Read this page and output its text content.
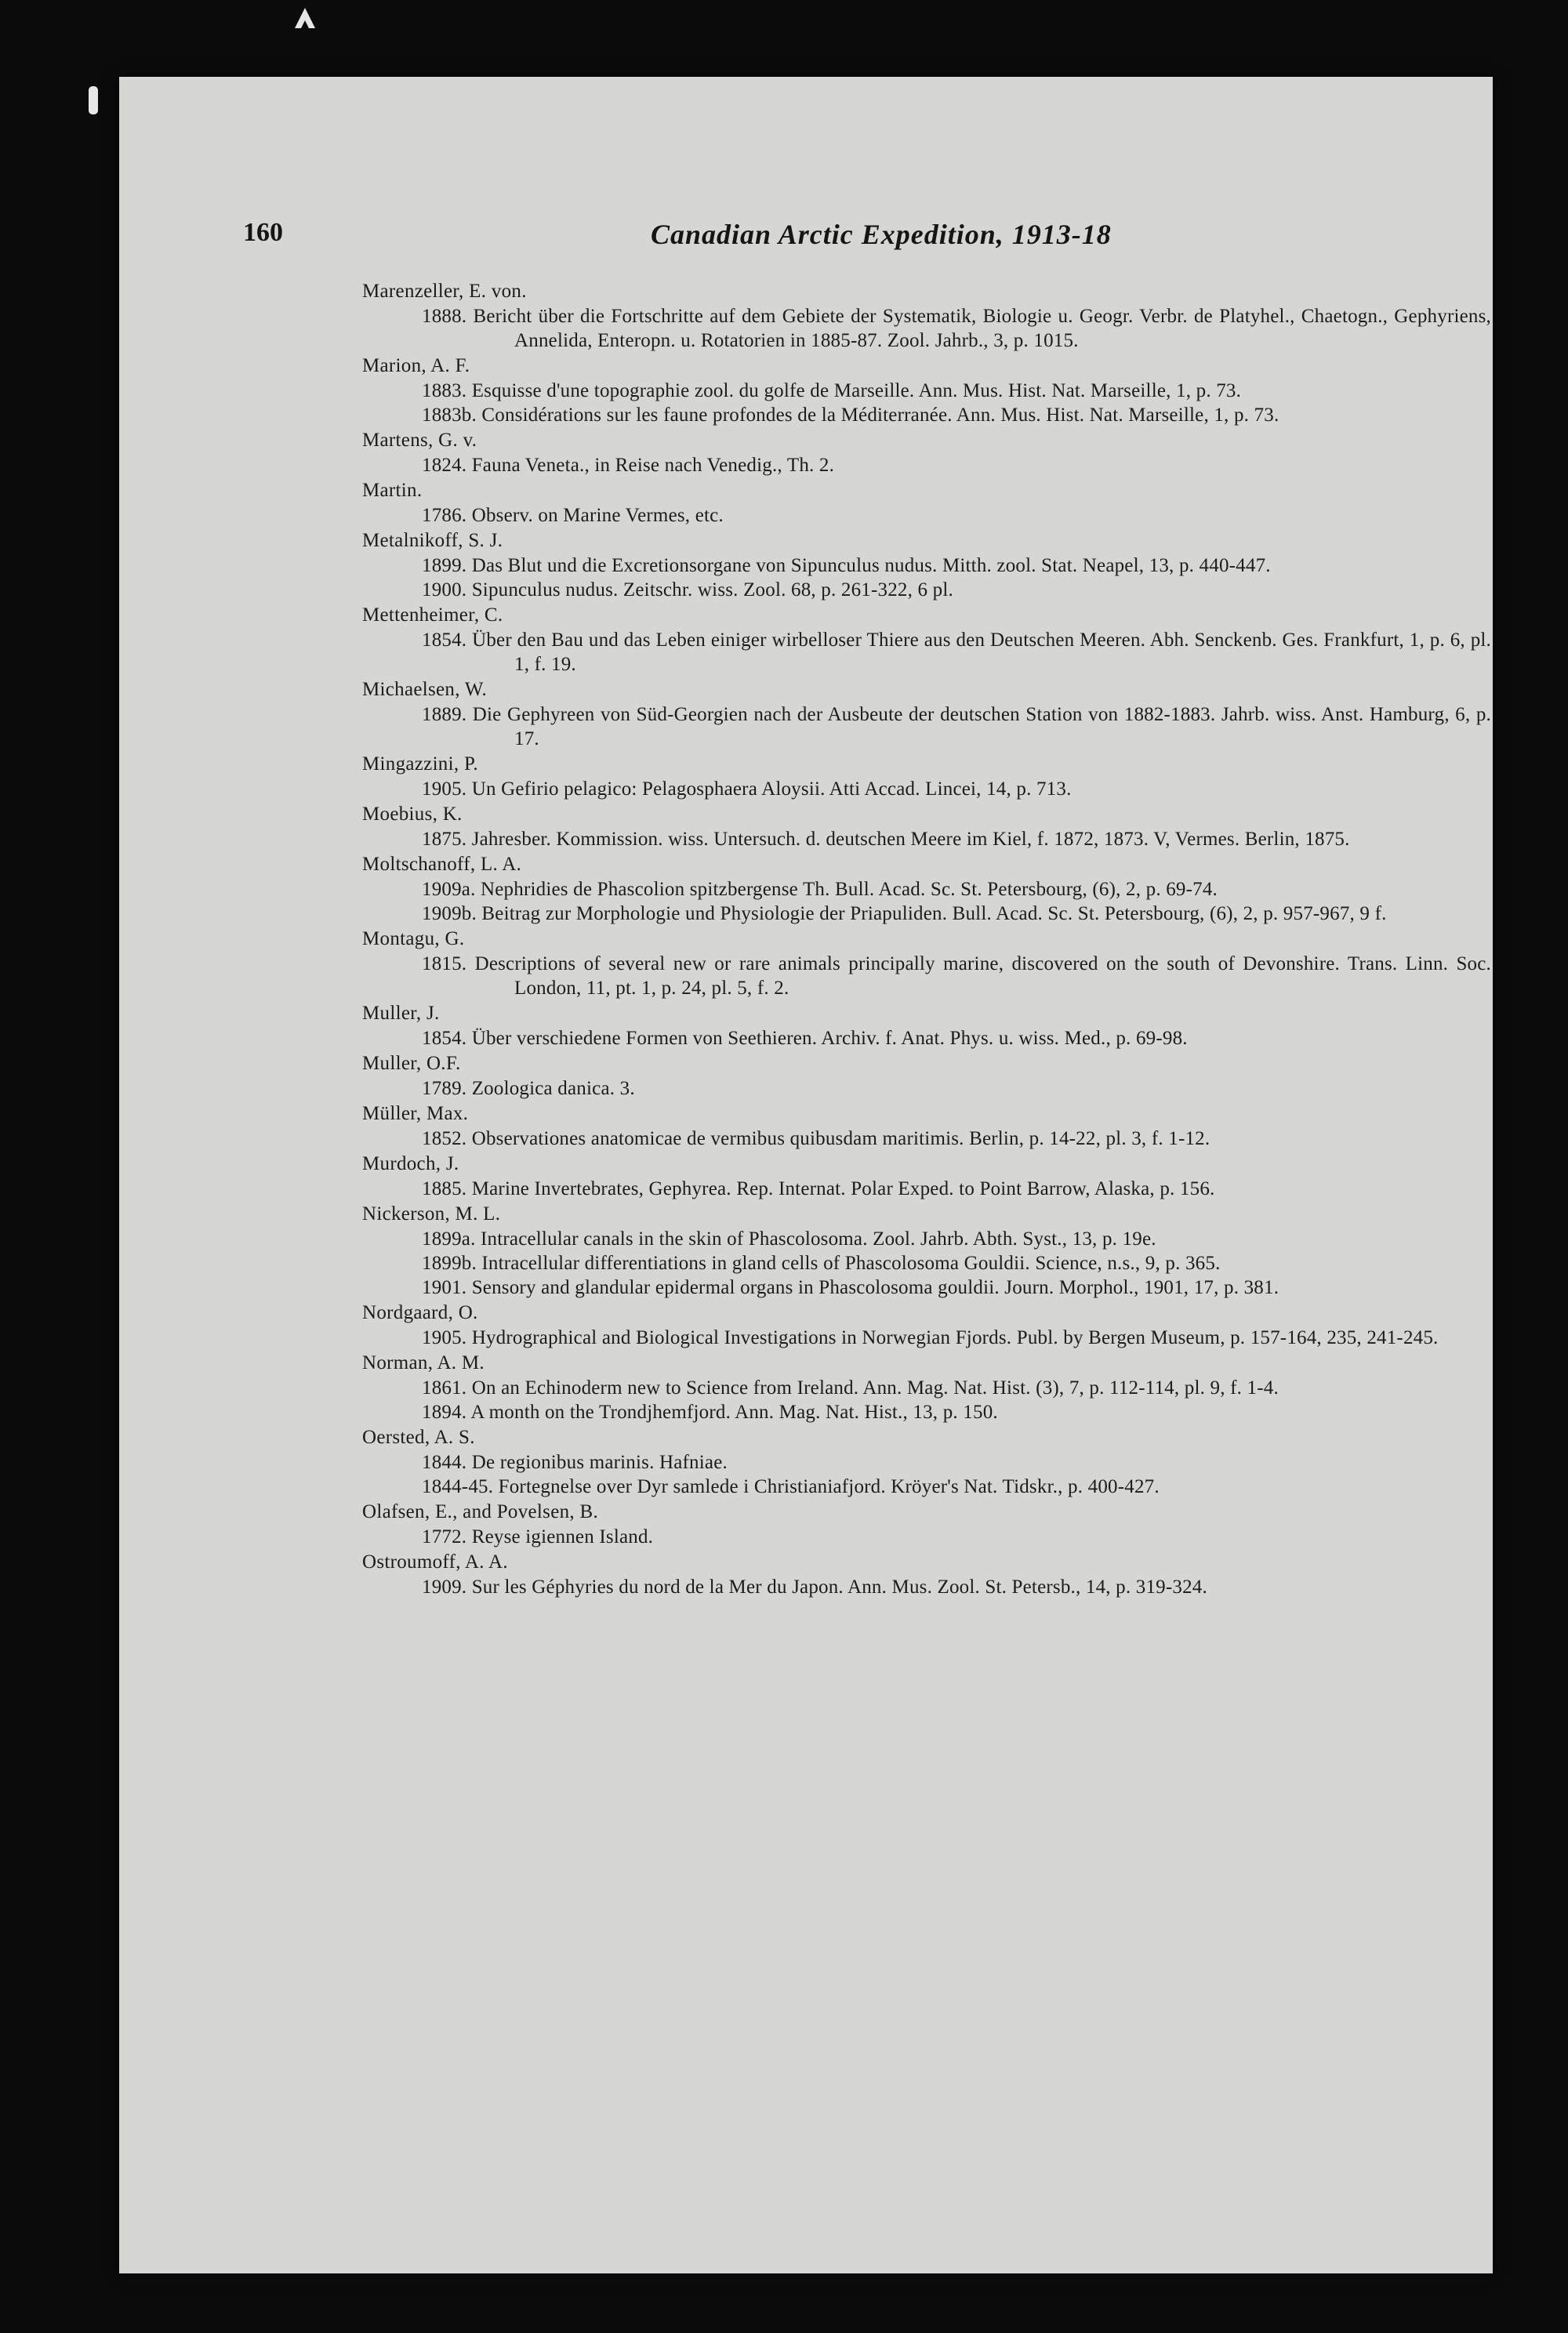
160	Canadian Arctic Expedition, 1913-18
Marenzeller, E. von.
1888. Bericht über die Fortschritte auf dem Gebiete der Systematik, Biologie u. Geogr. Verbr. de Platyhel., Chaetogn., Gephyriens, Annelida, Enteropn. u. Rotatorien in 1885-87. Zool. Jahrb., 3, p. 1015.
Marion, A. F.
1883. Esquisse d'une topographie zool. du golfe de Marseille. Ann. Mus. Hist. Nat. Marseille, 1, p. 73.
1883b. Considérations sur les faune profondes de la Méditerranée. Ann. Mus. Hist. Nat. Marseille, 1, p. 73.
Martens, G. v.
1824. Fauna Veneta., in Reise nach Venedig., Th. 2.
Martin.
1786. Observ. on Marine Vermes, etc.
Metalnikoff, S. J.
1899. Das Blut und die Excretionsorgane von Sipunculus nudus. Mitth. zool. Stat. Neapel, 13, p. 440-447.
1900. Sipunculus nudus. Zeitschr. wiss. Zool. 68, p. 261-322, 6 pl.
Mettenheimer, C.
1854. Über den Bau und das Leben einiger wirbelloser Thiere aus den Deutschen Meeren. Abh. Senckenb. Ges. Frankfurt, 1, p. 6, pl. 1, f. 19.
Michaelsen, W.
1889. Die Gephyreen von Süd-Georgien nach der Ausbeute der deutschen Station von 1882-1883. Jahrb. wiss. Anst. Hamburg, 6, p. 17.
Mingazzini, P.
1905. Un Gefirio pelagico: Pelagosphaera Aloysii. Atti Accad. Lincei, 14, p. 713.
Moebius, K.
1875. Jahresber. Kommission. wiss. Untersuch. d. deutschen Meere im Kiel, f. 1872, 1873. V, Vermes. Berlin, 1875.
Moltschanoff, L. A.
1909a. Nephridies de Phascolion spitzbergense Th. Bull. Acad. Sc. St. Petersbourg, (6), 2, p. 69-74.
1909b. Beitrag zur Morphologie und Physiologie der Priapuliden. Bull. Acad. Sc. St. Petersbourg, (6), 2, p. 957-967, 9 f.
Montagu, G.
1815. Descriptions of several new or rare animals principally marine, discovered on the south of Devonshire. Trans. Linn. Soc. London, 11, pt. 1, p. 24, pl. 5, f. 2.
Muller, J.
1854. Über verschiedene Formen von Seethieren. Archiv. f. Anat. Phys. u. wiss. Med., p. 69-98.
Muller, O.F.
1789. Zoologica danica. 3.
Müller, Max.
1852. Observationes anatomicae de vermibus quibusdam maritimis. Berlin, p. 14-22, pl. 3, f. 1-12.
Murdoch, J.
1885. Marine Invertebrates, Gephyrea. Rep. Internat. Polar Exped. to Point Barrow, Alaska, p. 156.
Nickerson, M. L.
1899a. Intracellular canals in the skin of Phascolosoma. Zool. Jahrb. Abth. Syst., 13, p. 19e.
1899b. Intracellular differentiations in gland cells of Phascolosoma Gouldii. Science, n.s., 9, p. 365.
1901. Sensory and glandular epidermal organs in Phascolosoma gouldii. Journ. Morphol., 1901, 17, p. 381.
Nordgaard, O.
1905. Hydrographical and Biological Investigations in Norwegian Fjords. Publ. by Bergen Museum, p. 157-164, 235, 241-245.
Norman, A. M.
1861. On an Echinoderm new to Science from Ireland. Ann. Mag. Nat. Hist. (3), 7, p. 112-114, pl. 9, f. 1-4.
1894. A month on the Trondjhemfjord. Ann. Mag. Nat. Hist., 13, p. 150.
Oersted, A. S.
1844. De regionibus marinis. Hafniae.
1844-45. Fortegnelse over Dyr samlede i Christianiafjord. Kröyer's Nat. Tidskr., p. 400-427.
Olafsen, E., and Povelsen, B.
1772. Reyse igiennen Island.
Ostroumoff, A. A.
1909. Sur les Géphyries du nord de la Mer du Japon. Ann. Mus. Zool. St. Petersb., 14, p. 319-324.
